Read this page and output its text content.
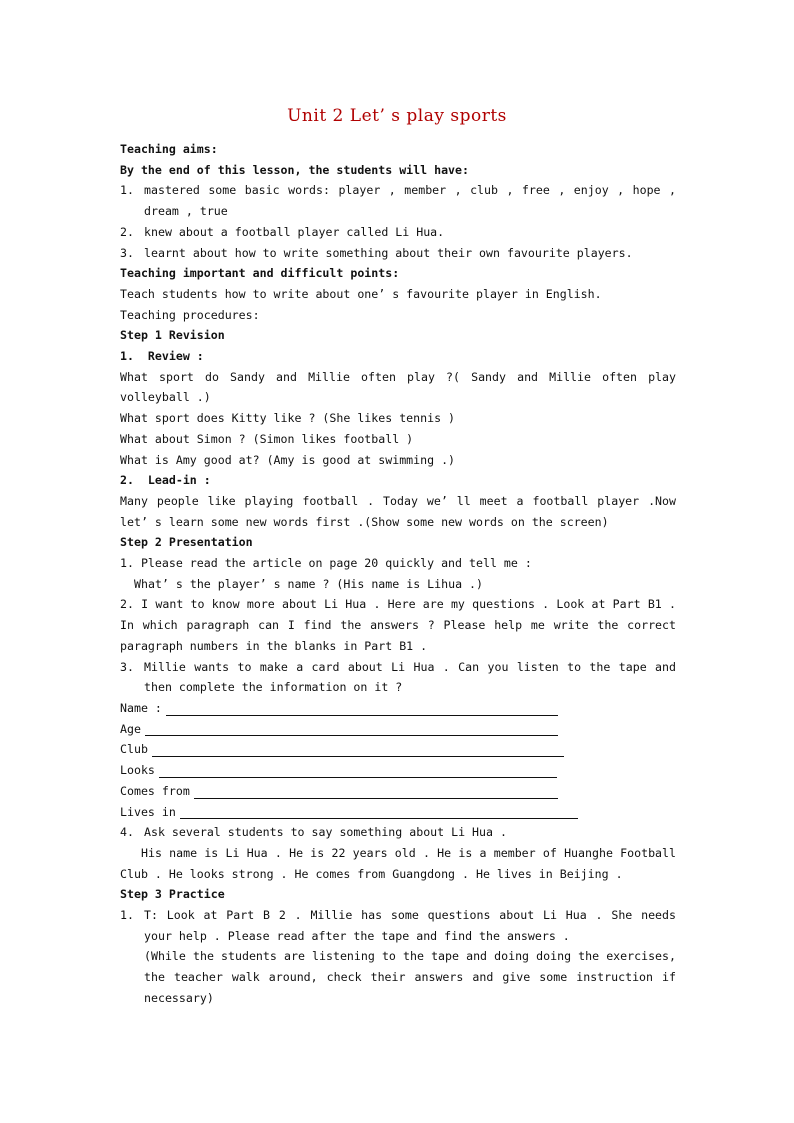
Unit 2 Let’ s play sports
Teaching aims:
By the end of this lesson, the students will have:
1. mastered some basic words: player , member , club , free , enjoy , hope , dream , true
2. knew about a football player called Li Hua.
3. learnt about how to write something about their own favourite players.
Teaching important and difficult points:
Teach students how to write about one’ s favourite player in English.
Teaching procedures:
Step 1 Revision
1.  Review :
What sport do Sandy and Millie often play ?( Sandy and Millie often play volleyball .)
What sport does Kitty like ? (She likes tennis )
What about Simon ? (Simon likes football )
What is Amy good at? (Amy is good at swimming .)
2.  Lead-in :
Many people like playing football . Today we’ ll meet a football player .Now let’ s learn some new words first .(Show some new words on the screen)
Step 2 Presentation
1. Please read the article on page 20 quickly and tell me :
What’ s the player’ s name ? (His name is Lihua .)
2. I want to know more about Li Hua . Here are my questions . Look at Part B1 . In which paragraph can I find the answers ? Please help me write the correct paragraph numbers in the blanks in Part B1 .
3. Millie wants to make a card about Li Hua . Can you listen to the tape and then complete the information on it ?
Name :
Age
Club
Looks
Comes from
Lives in
4. Ask several students to say something about Li Hua .
His name is Li Hua . He is 22 years old . He is a member of Huanghe Football Club . He looks strong . He comes from Guangdong . He lives in Beijing .
Step 3 Practice
1. T: Look at Part B 2 . Millie has some questions about Li Hua . She needs your help . Please read after the tape and find the answers .
(While the students are listening to the tape and doing doing the exercises, the teacher walk around, check their answers and give some instruction if necessary)
